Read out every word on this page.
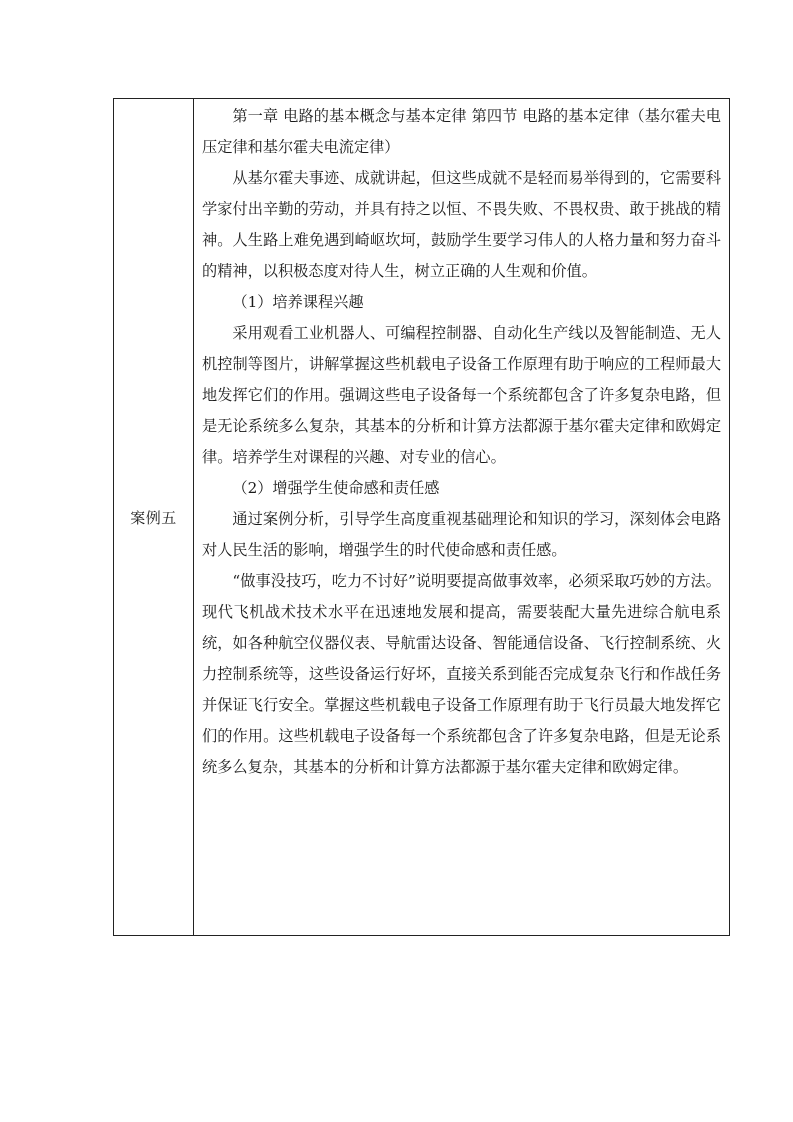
案例五

第一章 电路的基本概念与基本定律 第四节 电路的基本定律（基尔霍夫电压定律和基尔霍夫电流定律）

从基尔霍夫事迹、成就讲起，但这些成就不是轻而易举得到的，它需要科学家付出辛勤的劳动，并具有持之以恒、不畏失败、不畏权贵、敢于挑战的精神。人生路上难免遇到崎岖坎坷，鼓励学生要学习伟人的人格力量和努力奋斗的精神，以积极态度对待人生，树立正确的人生观和价值。

（1）培养课程兴趣

采用观看工业机器人、可编程控制器、自动化生产线以及智能制造、无人机控制等图片，讲解掌握这些机载电子设备工作原理有助于响应的工程师最大地发挥它们的作用。强调这些电子设备每一个系统都包含了许多复杂电路，但是无论系统多么复杂，其基本的分析和计算方法都源于基尔霍夫定律和欧姆定律。培养学生对课程的兴趣、对专业的信心。

（2）增强学生使命感和责任感

通过案例分析，引导学生高度重视基础理论和知识的学习，深刻体会电路对人民生活的影响，增强学生的时代使命感和责任感。

“做事没技巧，吃力不讨好”说明要提高做事效率，必须采取巧妙的方法。现代飞机战术技术水平在迅速地发展和提高，需要装配大量先进综合航电系统，如各种航空仪器仪表、导航雷达设备、智能通信设备、飞行控制系统、火力控制系统等，这些设备运行好坏，直接关系到能否完成复杂飞行和作战任务并保证飞行安全。掌握这些机载电子设备工作原理有助于飞行员最大地发挥它们的作用。这些机载电子设备每一个系统都包含了许多复杂电路，但是无论系统多么复杂，其基本的分析和计算方法都源于基尔霍夫定律和欧姆定律。
